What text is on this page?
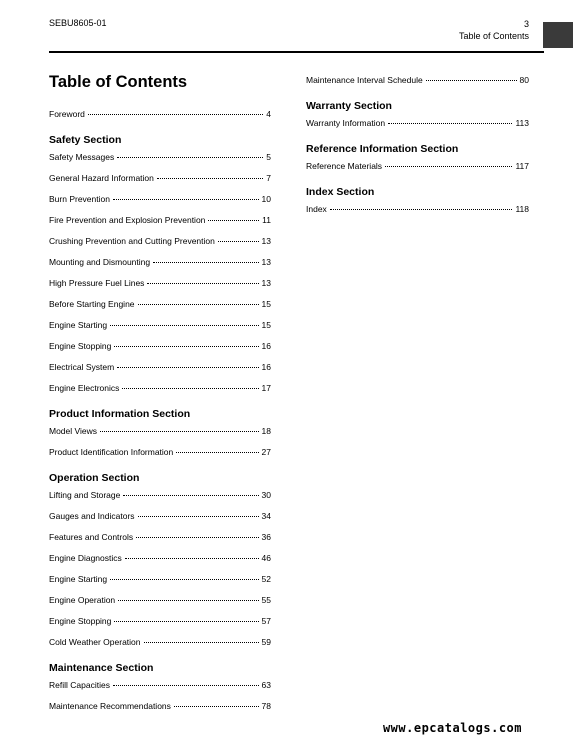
SEBU8605-01	3
Table of Contents
Table of Contents
Foreword	4
Safety Section
Safety Messages	5
General Hazard Information	7
Burn Prevention	10
Fire Prevention and Explosion Prevention	11
Crushing Prevention and Cutting Prevention	13
Mounting and Dismounting	13
High Pressure Fuel Lines	13
Before Starting Engine	15
Engine Starting	15
Engine Stopping	16
Electrical System	16
Engine Electronics	17
Product Information Section
Model Views	18
Product Identification Information	27
Operation Section
Lifting and Storage	30
Gauges and Indicators	34
Features and Controls	36
Engine Diagnostics	46
Engine Starting	52
Engine Operation	55
Engine Stopping	57
Cold Weather Operation	59
Maintenance Section
Refill Capacities	63
Maintenance Recommendations	78
Maintenance Interval Schedule	80
Warranty Section
Warranty Information	113
Reference Information Section
Reference Materials	117
Index Section
Index	118
www.epcatalogs.com
